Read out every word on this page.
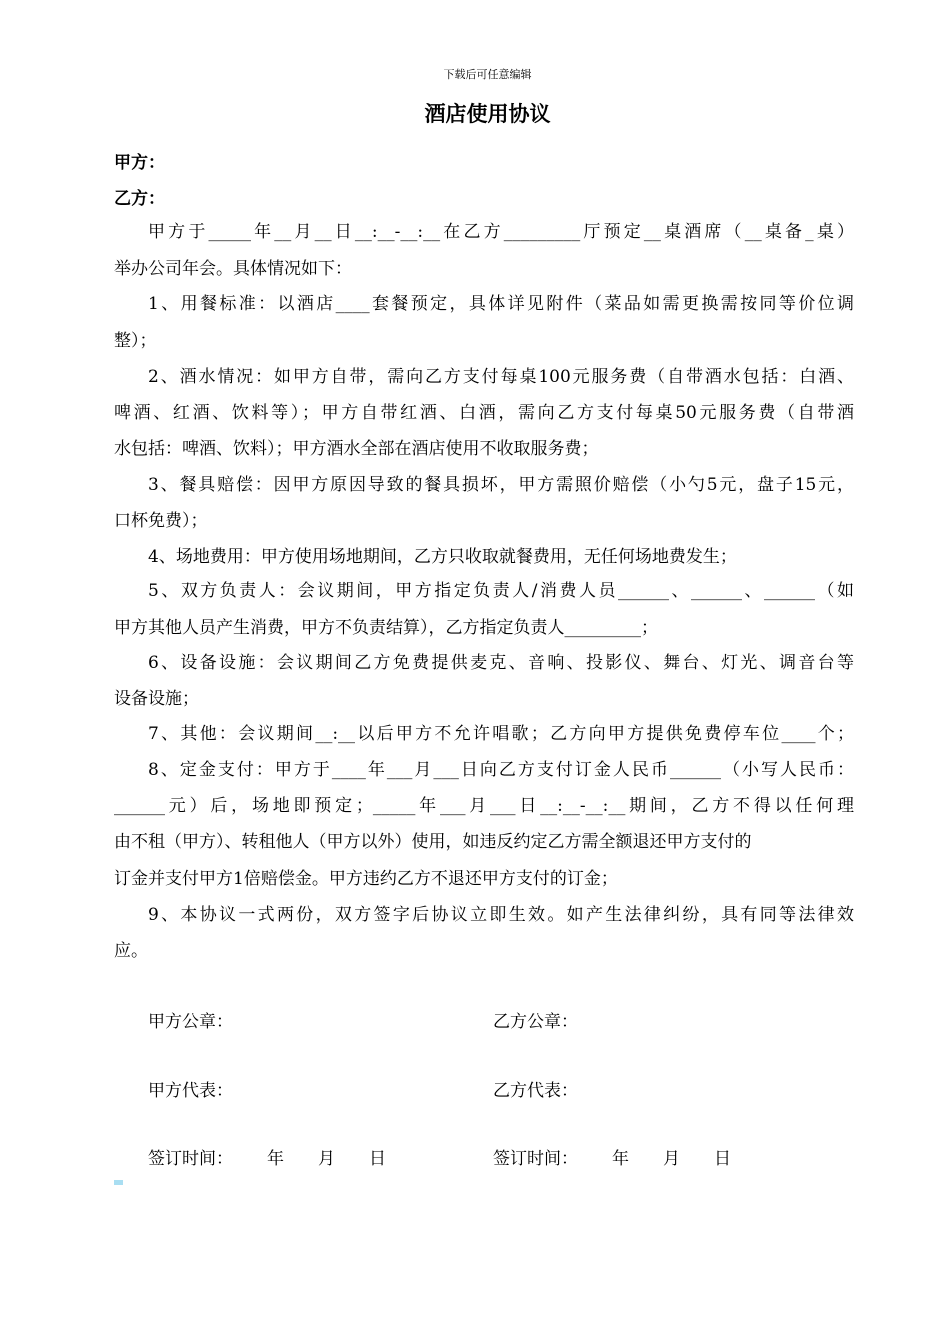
下载后可任意编辑
酒店使用协议
甲方：
乙方：
甲方于_____年__月__日__:__-__:__在乙方_________厅预定__桌酒席（__桌备_桌）
举办公司年会。具体情况如下：
1、用餐标准：以酒店____套餐预定，具体详见附件（菜品如需更换需按同等价位调
整）；
2、酒水情况：如甲方自带，需向乙方支付每桌100元服务费（自带酒水包括：白酒、
啤酒、红酒、饮料等）；甲方自带红酒、白酒，需向乙方支付每桌50元服务费（自带酒
水包括：啤酒、饮料）；甲方酒水全部在酒店使用不收取服务费；
3、餐具赔偿：因甲方原因导致的餐具损坏，甲方需照价赔偿（小勺5元，盘子15元，
口杯免费）；
4、场地费用：甲方使用场地期间，乙方只收取就餐费用，无任何场地费发生；
5、双方负责人：会议期间，甲方指定负责人/消费人员______、______、______（如
甲方其他人员产生消费，甲方不负责结算），乙方指定负责人_________；
6、设备设施：会议期间乙方免费提供麦克、音响、投影仪、舞台、灯光、调音台等
设备设施；
7、其他：会议期间__:__以后甲方不允许唱歌；乙方向甲方提供免费停车位____个；
8、定金支付：甲方于____年___月___日向乙方支付订金人民币______（小写人民币：
______元）后，场地即预定；_____年___月___日__:__-__:__期间，乙方不得以任何理
由不租（甲方）、转租他人（甲方以外）使用，如违反约定乙方需全额退还甲方支付的
订金并支付甲方1倍赔偿金。甲方违约乙方不退还甲方支付的订金；
9、本协议一式两份，双方签字后协议立即生效。如产生法律纠纷，具有同等法律效
应。
甲方公章：	乙方公章：
甲方代表：	乙方代表：
签订时间： 年 月 日	签订时间： 年 月 日
